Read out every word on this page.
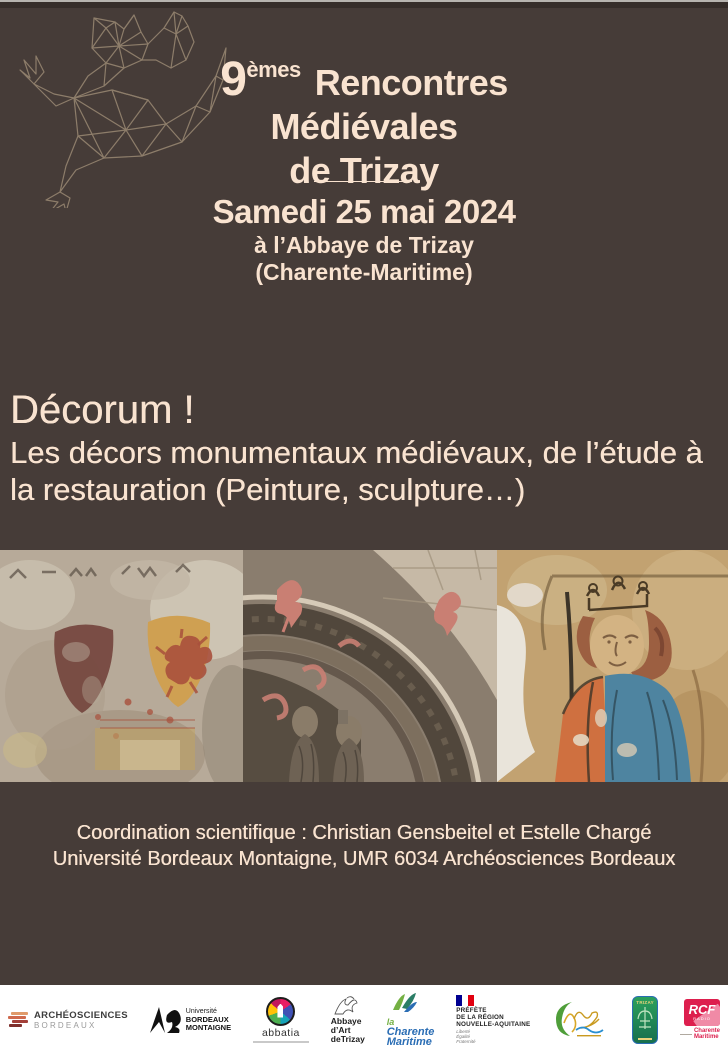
9èmes Rencontres
Médiévales
de Trizay
Samedi 25 mai 2024
à l’Abbaye de Trizay
(Charente-Maritime)
Décorum !
Les décors monumentaux médiévaux, de l’étude à
la restauration (Peinture, sculpture…)
Coordination scientifique : Christian Gensbeitel et Estelle Chargé
Université Bordeaux Montaigne, UMR 6034 Archéosciences Bordeaux
ARCHÉOSCIENCES
BORDEAUX
Université
BORDEAUX
MONTAIGNE	abbatia
Abbaye
d’Art
deTrizay
la
Charente
Maritime
PRÉFÈTE
DE LA RÉGION
NOUVELLE-AQUITAINE
Liberté
Égalité
Fraternité
TRIZAY	RCF
RADIO
Charente
Maritime
